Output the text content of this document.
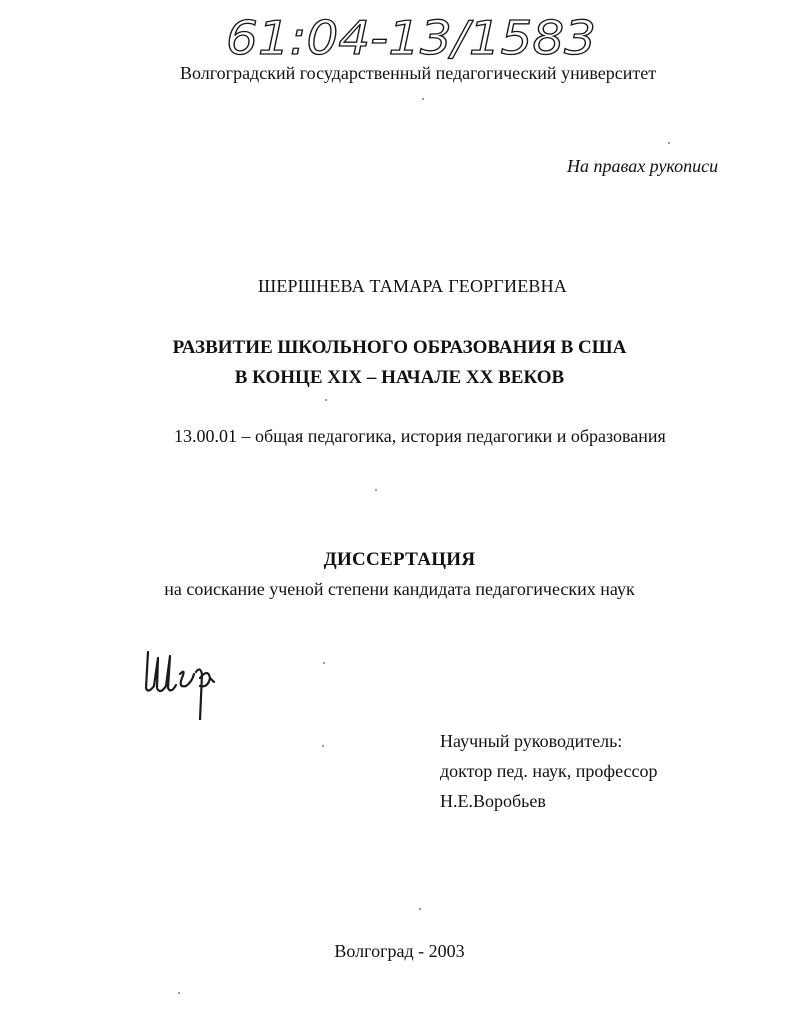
61:04-13/1583
Волгоградский государственный педагогический университет
На правах рукописи
ШЕРШНЕВА ТАМАРА ГЕОРГИЕВНА
РАЗВИТИЕ ШКОЛЬНОГО ОБРАЗОВАНИЯ В США
В КОНЦЕ XIX – НАЧАЛЕ XX ВЕКОВ
13.00.01 – общая педагогика, история педагогики и образования
ДИССЕРТАЦИЯ
на соискание ученой степени кандидата педагогических наук
Научный руководитель:
доктор пед. наук, профессор
Н.Е.Воробьев
Волгоград - 2003
